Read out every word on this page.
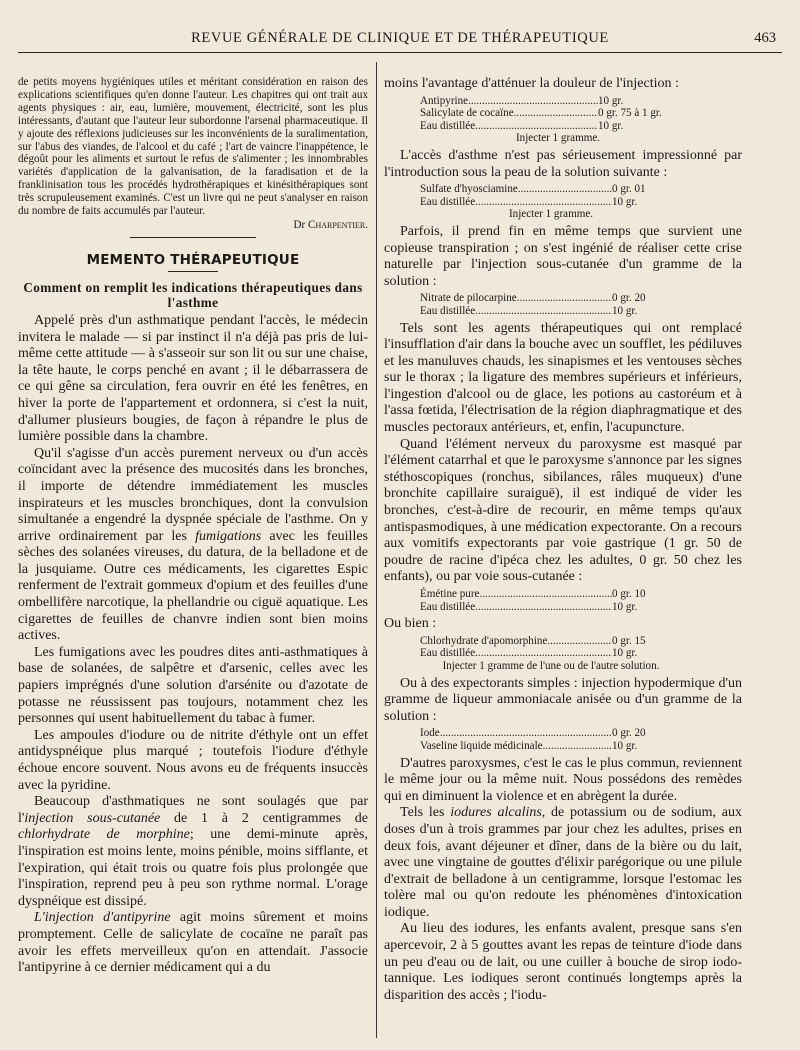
REVUE GÉNÉRALE DE CLINIQUE ET DE THÉRAPEUTIQUE	463

de petits moyens hygiéniques utiles et méritant considération en raison des explications scientifiques qu'en donne l'auteur. Les chapitres qui ont trait aux agents physiques : air, eau, lumière, mouvement, électricité, sont les plus intéressants, d'autant que l'auteur leur subordonne l'arsenal pharmaceutique. Il y ajoute des réflexions judicieuses sur les inconvénients de la suralimentation, sur l'abus des viandes, de l'alcool et du café ; l'art de vaincre l'inappétence, le dégoût pour les aliments et surtout le refus de s'alimenter ; les innombrables variétés d'application de la galvanisation, de la faradisation et de la franklinisation tous les procédés hydrothérapiques et kinésithérapiques sont très scrupuleusement examinés. C'est un livre qui ne peut s'analyser en raison du nombre de faits accumulés par l'auteur.

Dr Charpentier.
MEMENTO THÉRAPEUTIQUE
Comment on remplit les indications thérapeutiques dans l'asthme

Appelé près d'un asthmatique pendant l'accès, le médecin invitera le malade — si par instinct il n'a déjà pas pris de lui-même cette attitude — à s'asseoir sur son lit ou sur une chaise, la tête haute, le corps penché en avant ; il le débarrassera de ce qui gêne sa circulation, fera ouvrir en été les fenêtres, en hiver la porte de l'appartement et ordonnera, si c'est la nuit, d'allumer plusieurs bougies, de façon à répandre le plus de lumière possible dans la chambre.

Qu'il s'agisse d'un accès purement nerveux ou d'un accès coïncidant avec la présence des mucosités dans les bronches, il importe de détendre immédiatement les muscles inspirateurs et les muscles bronchiques, dont la convulsion simultanée a engendré la dyspnée spéciale de l'asthme. On y arrive ordinairement par les fumigations avec les feuilles sèches des solanées vireuses, du datura, de la belladone et de la jusquiame. Outre ces médicaments, les cigarettes Espic renferment de l'extrait gommeux d'opium et des feuilles d'une ombellifère narcotique, la phellandrie ou ciguë aquatique. Les cigarettes de feuilles de chanvre indien sont bien moins actives.

Les fumigations avec les poudres dites anti-asthmatiques à base de solanées, de salpêtre et d'arsenic, celles avec les papiers imprégnés d'une solution d'arsénite ou d'azotate de potasse ne réussissent pas toujours, notamment chez les personnes qui usent habituellement du tabac à fumer.

Les ampoules d'iodure ou de nitrite d'éthyle ont un effet antidyspnéique plus marqué ; toutefois l'iodure d'éthyle échoue encore souvent. Nous avons eu de fréquents insuccès avec la pyridine.

Beaucoup d'asthmatiques ne sont soulagés que par l'injection sous-cutanée de 1 à 2 centigrammes de chlorhydrate de morphine; une demi-minute après, l'inspiration est moins lente, moins pénible, moins sifflante, et l'expiration, qui était trois ou quatre fois plus prolongée que l'inspiration, reprend peu à peu son rythme normal. L'orage dyspnéique est dissipé.

L'injection d'antipyrine agit moins sûrement et moins promptement. Celle de salicylate de cocaïne ne paraît pas avoir les effets merveilleux qu'on en attendait. J'associe l'antipyrine à ce dernier médicament qui a du

moins l'avantage d'atténuer la douleur de l'injection :

Antipyrine .....	10 gr.
Salicylate de cocaïne .....	0 gr. 75 à 1 gr.
Eau distillée .....	10 gr.
Injecter 1 gramme.

L'accès d'asthme n'est pas sérieusement impressionné par l'introduction sous la peau de la solution suivante :

Sulfate d'hyosciamine .....	0 gr. 01
Eau distillée .....	10 gr.
Injecter 1 gramme.

Parfois, il prend fin en même temps que survient une copieuse transpiration ; on s'est ingénié de réaliser cette crise naturelle par l'injection sous-cutanée d'un gramme de la solution :

Nitrate de pilocarpine .....	0 gr. 20
Eau distillée .....	10 gr.

Tels sont les agents thérapeutiques qui ont remplacé l'insufflation d'air dans la bouche avec un soufflet, les pédiluves et les manuluves chauds, les sinapismes et les ventouses sèches sur le thorax ; la ligature des membres supérieurs et inférieurs, l'ingestion d'alcool ou de glace, les potions au castoréum et à l'assa fœtida, l'électrisation de la région diaphragmatique et des muscles pectoraux antérieurs, et, enfin, l'acupuncture.

Quand l'élément nerveux du paroxysme est masqué par l'élément catarrhal et que le paroxysme s'annonce par les signes stéthoscopiques (ronchus, sibilances, râles muqueux) d'une bronchite capillaire suraiguë), il est indiqué de vider les bronches, c'est-à-dire de recourir, en même temps qu'aux antispasmodiques, à une médication expectorante. On a recours aux vomitifs expectorants par voie gastrique (1 gr. 50 de poudre de racine d'ipéca chez les adultes, 0 gr. 50 chez les enfants), ou par voie sous-cutanée :

Émétine pure .....	0 gr. 10
Eau distillée .....	10 gr.

Ou bien :

Chlorhydrate d'apomorphine .....	0 gr. 15
Eau distillée .....	10 gr.
Injecter 1 gramme de l'une ou de l'autre solution.

Ou à des expectorants simples : injection hypodermique d'un gramme de liqueur ammoniacale anisée ou d'un gramme de la solution :

Iode .....	0 gr. 20
Vaseline liquide médicinale .....	10 gr.

D'autres paroxysmes, c'est le cas le plus commun, reviennent le même jour ou la même nuit. Nous possédons des remèdes qui en diminuent la violence et en abrègent la durée.

Tels les iodures alcalins, de potassium ou de sodium, aux doses d'un à trois grammes par jour chez les adultes, prises en deux fois, avant déjeuner et dîner, dans de la bière ou du lait, avec une vingtaine de gouttes d'élixir parégorique ou une pilule d'extrait de belladone à un centigramme, lorsque l'estomac les tolère mal ou qu'on redoute les phénomènes d'intoxication iodique.

Au lieu des iodures, les enfants avalent, presque sans s'en apercevoir, 2 à 5 gouttes avant les repas de teinture d'iode dans un peu d'eau ou de lait, ou une cuiller à bouche de sirop iodo-tannique. Les iodiques seront continués longtemps après la disparition des accès ; l'iodu-
